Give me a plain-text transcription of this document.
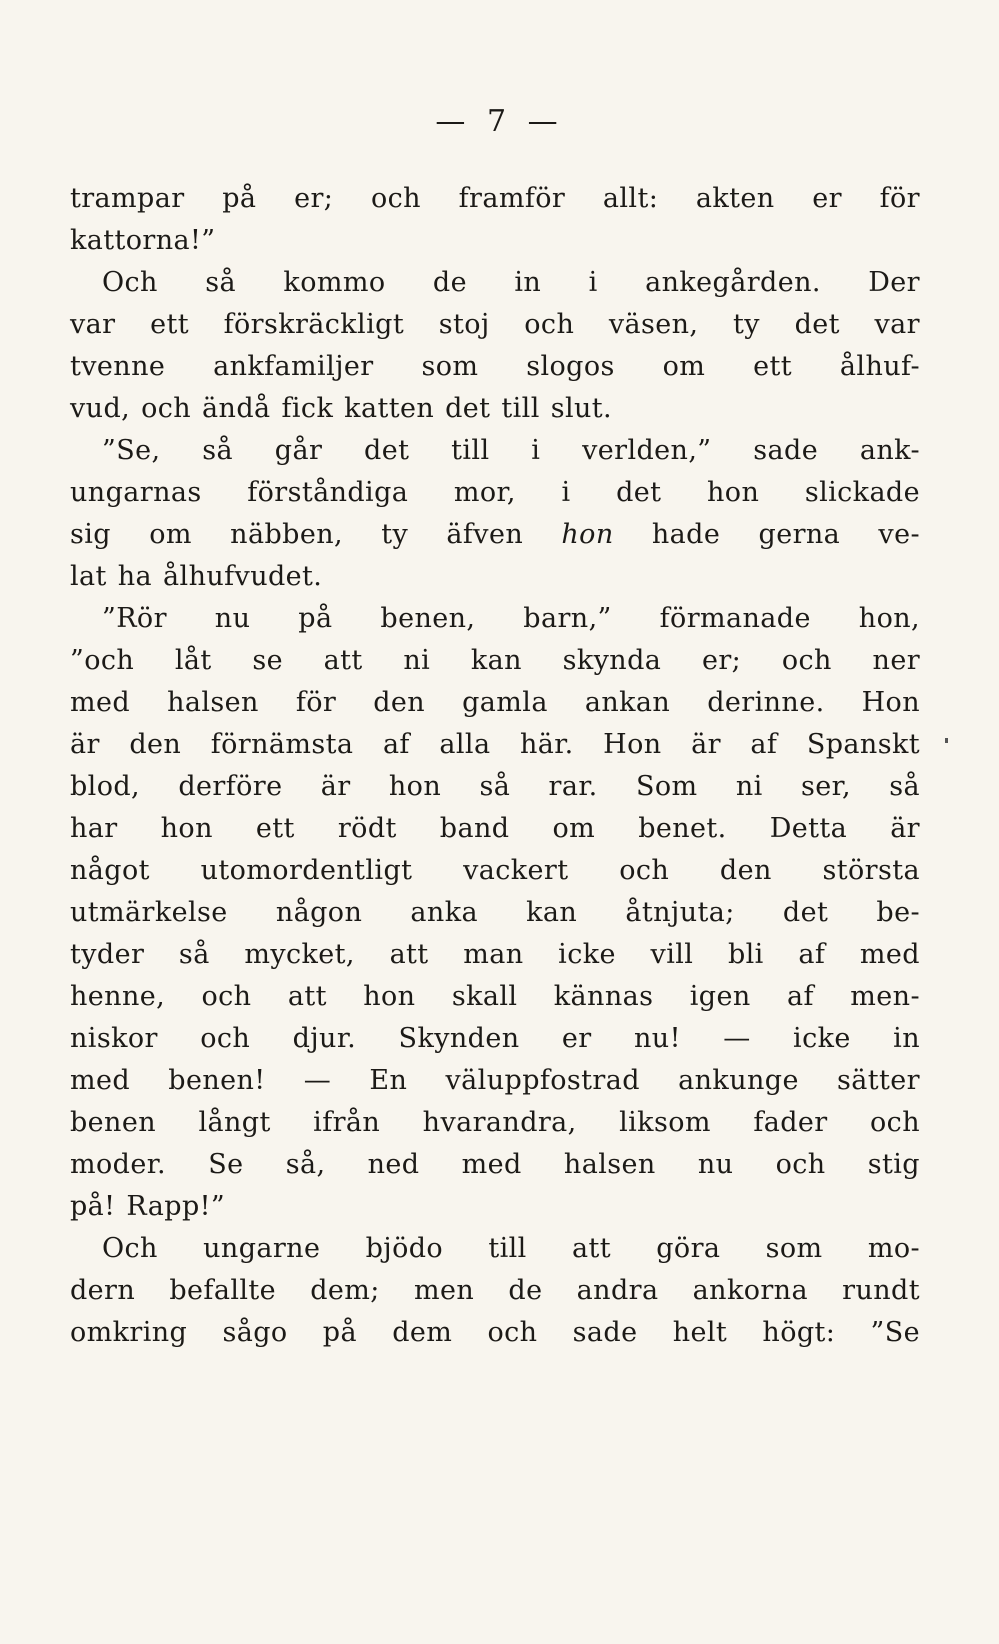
— 7 —
trampar på er; och framför allt: akten er för
kattorna!”
Och så kommo de in i ankegården. Der
var ett förskräckligt stoj och väsen, ty det var
tvenne ankfamiljer som slogos om ett ålhuf-
vud, och ändå fick katten det till slut.
”Se, så går det till i verlden,” sade ank-
ungarnas förståndiga mor, i det hon slickade
sig om näbben, ty äfven hon hade gerna ve-
lat ha ålhufvudet.
”Rör nu på benen, barn,” förmanade hon,
”och låt se att ni kan skynda er; och ner
med halsen för den gamla ankan derinne. Hon
är den förnämsta af alla här. Hon är af Spanskt
blod, derföre är hon så rar. Som ni ser, så
har hon ett rödt band om benet. Detta är
något utomordentligt vackert och den största
utmärkelse någon anka kan åtnjuta; det be-
tyder så mycket, att man icke vill bli af med
henne, och att hon skall kännas igen af men-
niskor och djur. Skynden er nu! — icke in
med benen! — En väluppfostrad ankunge sätter
benen långt ifrån hvarandra, liksom fader och
moder. Se så, ned med halsen nu och stig
på! Rapp!”
Och ungarne bjödo till att göra som mo-
dern befallte dem; men de andra ankorna rundt
omkring sågo på dem och sade helt högt: ”Se
